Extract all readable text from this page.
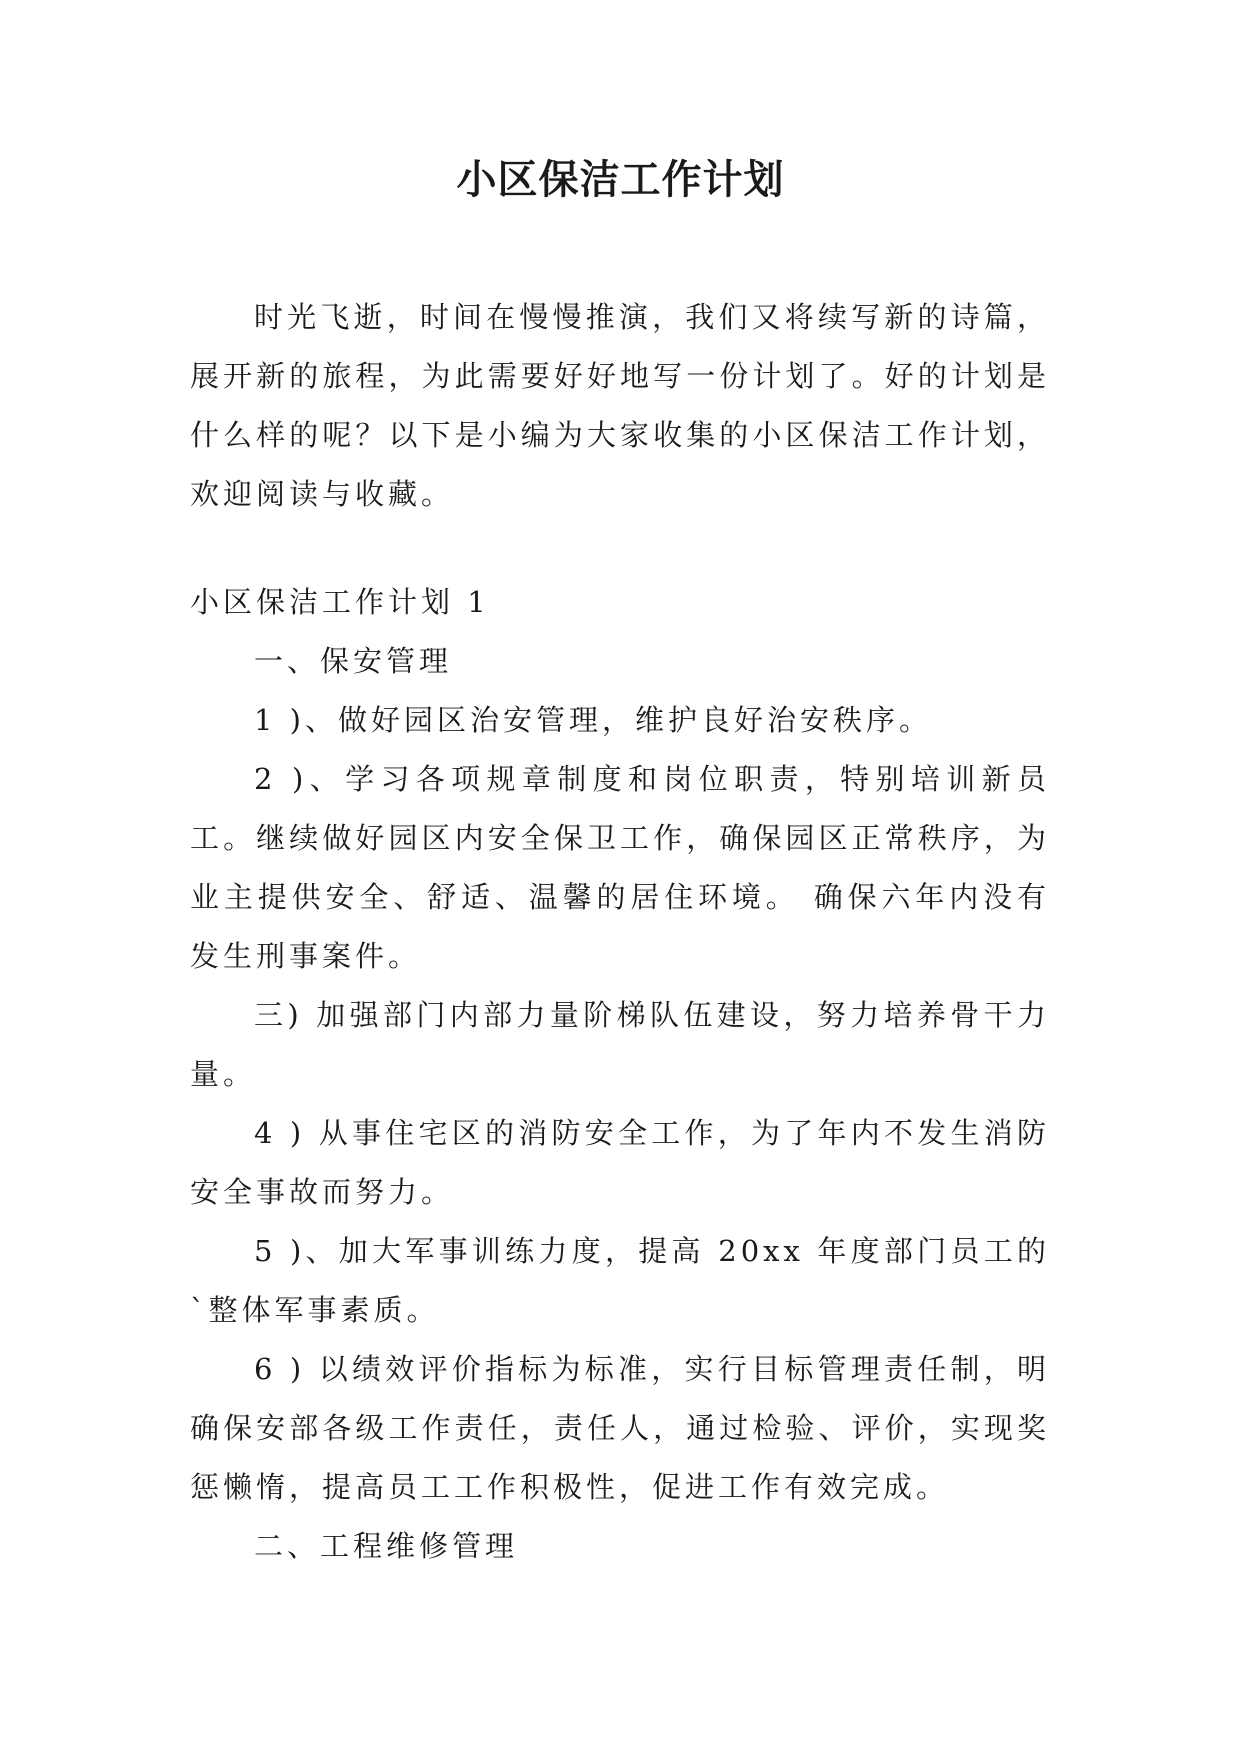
小区保洁工作计划

时光飞逝，时间在慢慢推演，我们又将续写新的诗篇，展开新的旅程，为此需要好好地写一份计划了。好的计划是什么样的呢？以下是小编为大家收集的小区保洁工作计划，欢迎阅读与收藏。

小区保洁工作计划 1

一、保安管理

1 )、做好园区治安管理，维护良好治安秩序。

2 )、学习各项规章制度和岗位职责，特别培训新员工。继续做好园区内安全保卫工作，确保园区正常秩序，为业主提供安全、舒适、温馨的居住环境。 确保六年内没有发生刑事案件。

三) 加强部门内部力量阶梯队伍建设，努力培养骨干力量。

4 ) 从事住宅区的消防安全工作，为了年内不发生消防安全事故而努力。

5 )、加大军事训练力度，提高 20xx 年度部门员工的`整体军事素质。

6 ) 以绩效评价指标为标准，实行目标管理责任制，明确保安部各级工作责任，责任人，通过检验、评价，实现奖惩懒惰，提高员工工作积极性，促进工作有效完成。

二、工程维修管理
